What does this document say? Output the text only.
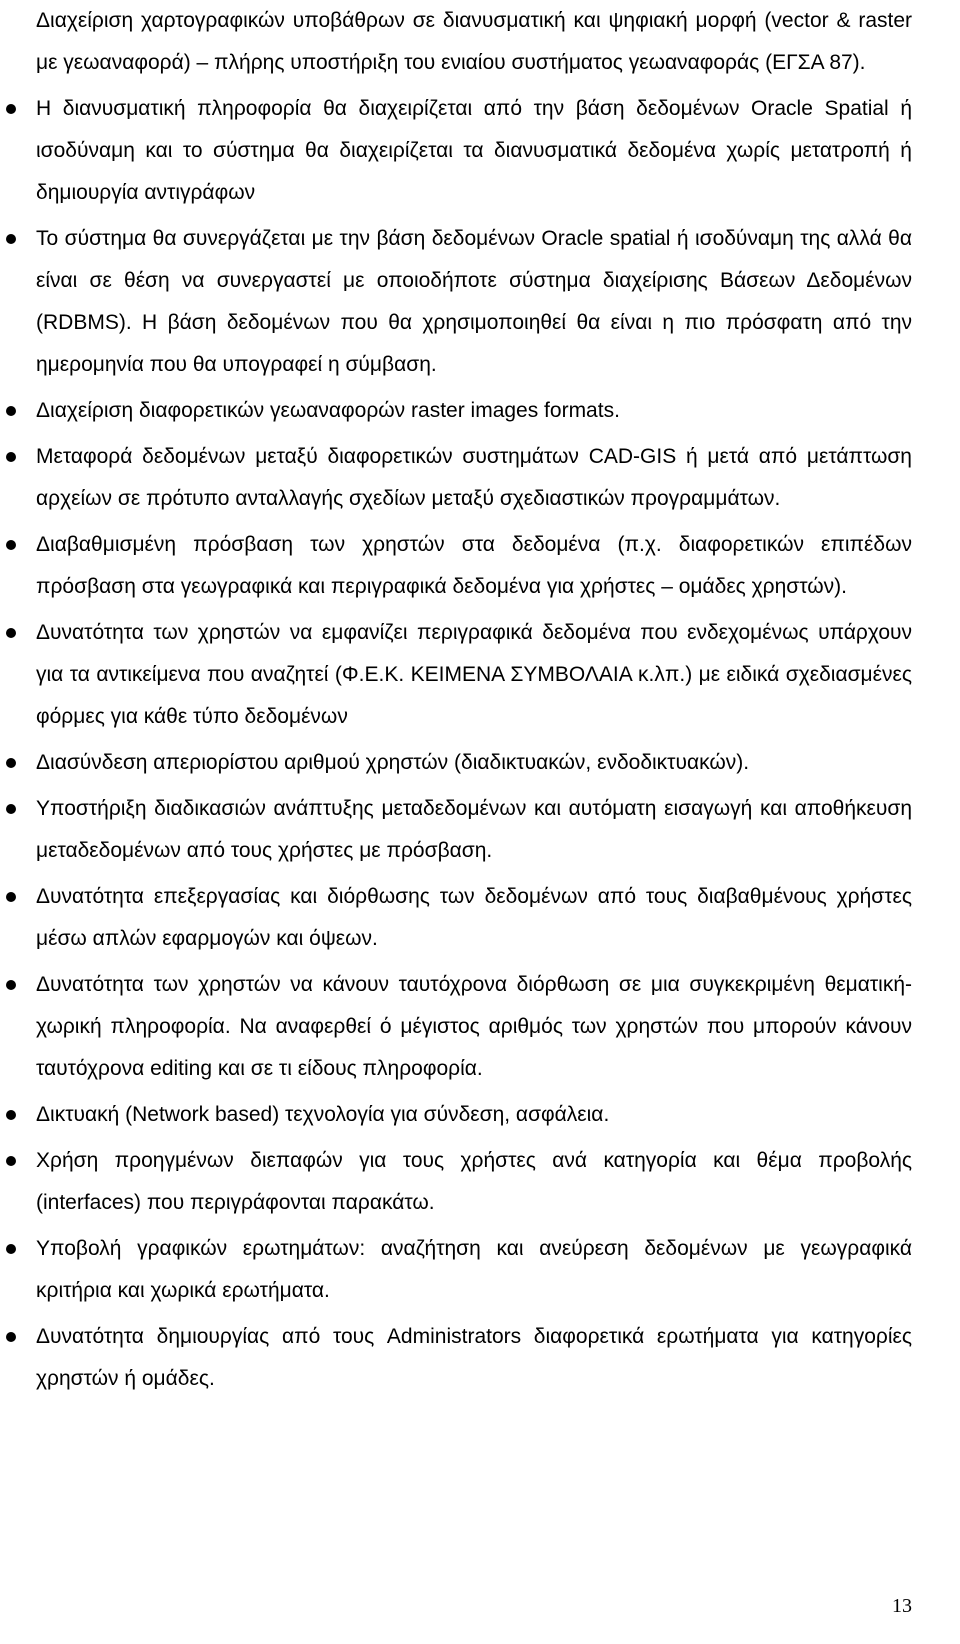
Διαχείριση χαρτογραφικών υποβάθρων σε διανυσματική και ψηφιακή μορφή (vector & raster με γεωαναφορά) – πλήρης υποστήριξη του ενιαίου συστήματος γεωαναφοράς (ΕΓΣΑ 87).
Η διανυσματική πληροφορία θα διαχειρίζεται από την βάση δεδομένων Oracle Spatial ή ισοδύναμη και το σύστημα θα διαχειρίζεται τα διανυσματικά δεδομένα χωρίς μετατροπή ή δημιουργία αντιγράφων
Το σύστημα θα συνεργάζεται με την βάση δεδομένων Oracle spatial ή ισοδύναμη της αλλά θα είναι σε θέση να συνεργαστεί με οποιοδήποτε σύστημα διαχείρισης Βάσεων Δεδομένων (RDBMS). Η βάση δεδομένων που θα χρησιμοποιηθεί θα είναι η πιο πρόσφατη από την ημερομηνία που θα υπογραφεί η σύμβαση.
Διαχείριση διαφορετικών γεωαναφορών raster images formats.
Μεταφορά δεδομένων μεταξύ διαφορετικών συστημάτων CAD-GIS ή μετά από μετάπτωση αρχείων σε πρότυπο ανταλλαγής σχεδίων μεταξύ σχεδιαστικών προγραμμάτων.
Διαβαθμισμένη πρόσβαση των χρηστών στα δεδομένα (π.χ. διαφορετικών επιπέδων πρόσβαση στα γεωγραφικά και περιγραφικά δεδομένα για χρήστες – ομάδες χρηστών).
Δυνατότητα των χρηστών να εμφανίζει περιγραφικά δεδομένα που ενδεχομένως υπάρχουν για τα αντικείμενα που αναζητεί (Φ.Ε.Κ. ΚΕΙΜΕΝΑ ΣΥΜΒΟΛΑΙΑ κ.λπ.) με ειδικά σχεδιασμένες φόρμες για κάθε τύπο δεδομένων
Διασύνδεση απεριορίστου αριθμού χρηστών (διαδικτυακών, ενδοδικτυακών).
Υποστήριξη διαδικασιών ανάπτυξης μεταδεδομένων και αυτόματη εισαγωγή και αποθήκευση μεταδεδομένων από τους χρήστες με πρόσβαση.
Δυνατότητα επεξεργασίας και διόρθωσης των δεδομένων από τους διαβαθμένους χρήστες μέσω απλών εφαρμογών και όψεων.
Δυνατότητα των χρηστών να κάνουν ταυτόχρονα διόρθωση σε μια συγκεκριμένη θεματική-χωρική πληροφορία. Να αναφερθεί ό μέγιστος αριθμός των χρηστών που μπορούν κάνουν ταυτόχρονα editing και σε τι είδους πληροφορία.
Δικτυακή (Network based) τεχνολογία για σύνδεση, ασφάλεια.
Χρήση προηγμένων διεπαφών για τους χρήστες ανά κατηγορία και θέμα προβολής (interfaces) που περιγράφονται παρακάτω.
Υποβολή γραφικών ερωτημάτων: αναζήτηση και ανεύρεση δεδομένων με γεωγραφικά κριτήρια και χωρικά ερωτήματα.
Δυνατότητα δημιουργίας από τους Administrators διαφορετικά ερωτήματα για κατηγορίες χρηστών ή ομάδες.
13
